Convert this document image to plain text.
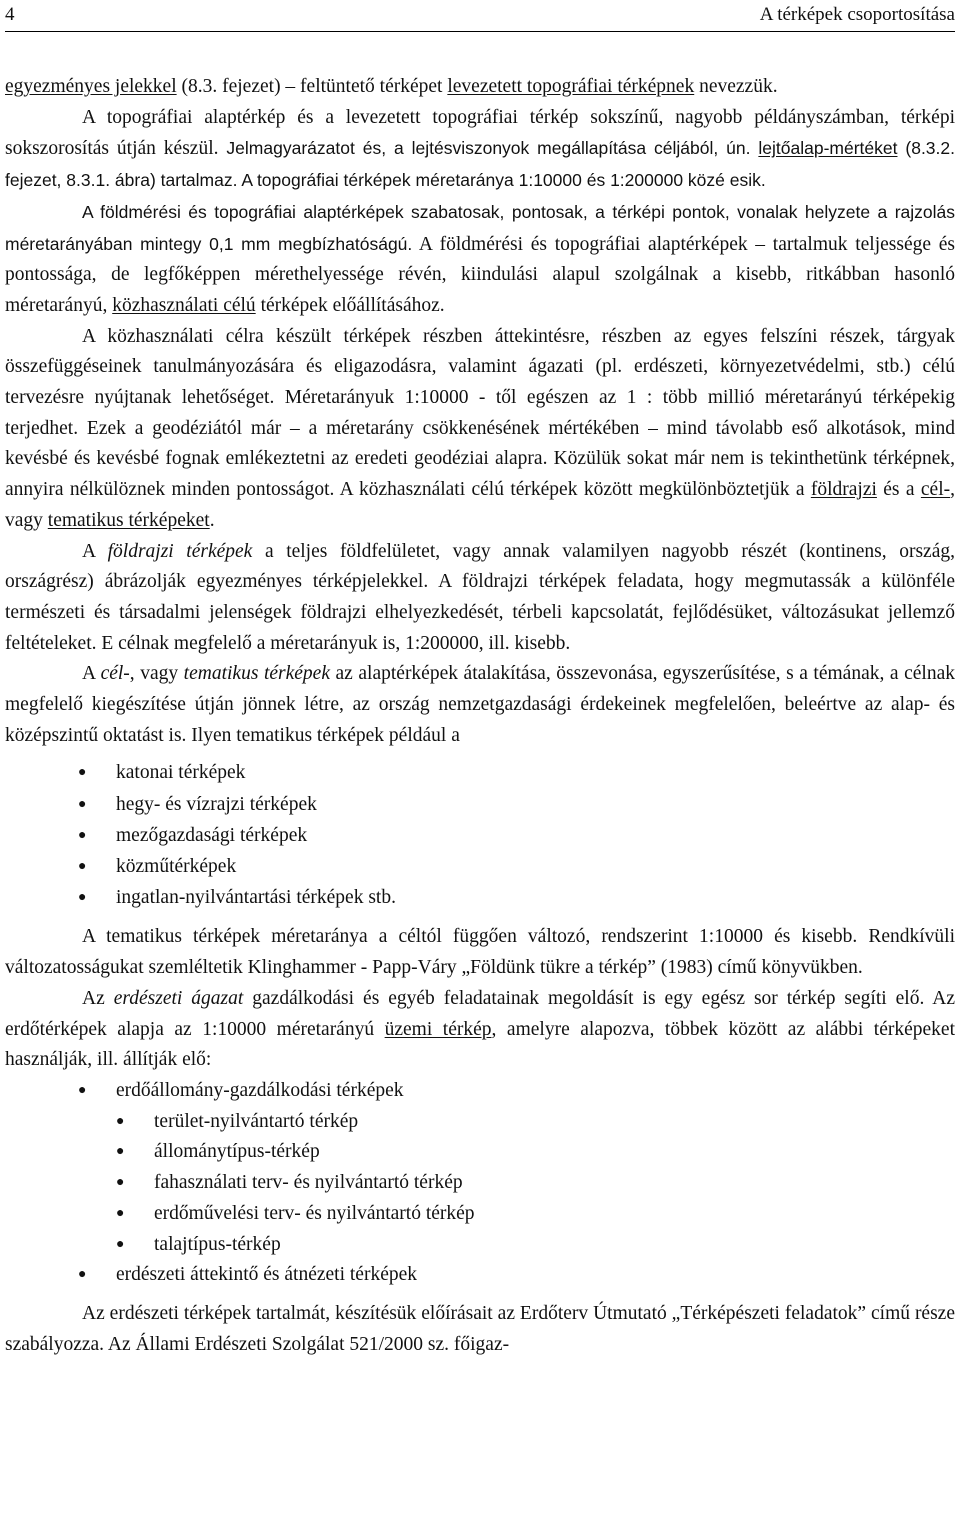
4	A térképek csoportosítása

egyezményes jelekkel (8.3. fejezet) – feltüntető térképet levezetett topográfiai térképnek nevezzük.

A topográfiai alaptérkép és a levezetett topográfiai térkép sokszínű, nagyobb példányszámban, térképi sokszorosítás útján készül. Jelmagyarázatot és, a lejtésviszonyok megállapítása céljából, ún. lejtőalap-mértéket (8.3.2. fejezet, 8.3.1. ábra) tartalmaz. A topográfiai térképek méretaránya 1:10000 és 1:200000 közé esik.

A földmérési és topográfiai alaptérképek szabatosak, pontosak, a térképi pontok, vonalak helyzete a rajzolás méretarányában mintegy 0,1 mm megbízhatóságú. A földmérési és topográfiai alaptérképek – tartalmuk teljessége és pontossága, de legfőképpen mérethelyessége révén, kiindulási alapul szolgálnak a kisebb, ritkábban hasonló méretarányú, közhasználati célú térképek előállításához.

A közhasználati célra készült térképek részben áttekintésre, részben az egyes felszíni részek, tárgyak összefüggéseinek tanulmányozására és eligazodásra, valamint ágazati (pl. erdészeti, környezetvédelmi, stb.) célú tervezésre nyújtanak lehetőséget. Méretarányuk 1:10000 - től egészen az 1 : több millió méretarányú térképekig terjedhet. Ezek a geodéziától már – a méretarány csökkenésének mértékében – mind távolabb eső alkotások, mind kevésbé és kevésbé fognak emlékeztetni az eredeti geodéziai alapra. Közülük sokat már nem is tekinthetünk térképnek, annyira nélkülöznek minden pontosságot. A közhasználati célú térképek között megkülönböztetjük a földrajzi és a cél-, vagy tematikus térképeket.

A földrajzi térképek a teljes földfelületet, vagy annak valamilyen nagyobb részét (kontinens, ország, országrész) ábrázolják egyezményes térképjelekkel. A földrajzi térképek feladata, hogy megmutassák a különféle természeti és társadalmi jelenségek földrajzi elhelyezkedését, térbeli kapcsolatát, fejlődésüket, változásukat jellemző feltételeket. E célnak megfelelő a méretarányuk is, 1:200000, ill. kisebb.

A cél-, vagy tematikus térképek az alaptérképek átalakítása, összevonása, egyszerűsítése, s a témának, a célnak megfelelő kiegészítése útján jönnek létre, az ország nemzetgazdasági érdekeinek megfelelően, beleértve az alap- és középszintű oktatást is. Ilyen tematikus térképek például a

● katonai térképek
● hegy- és vízrajzi térképek
● mezőgazdasági térképek
● közműtérképek
● ingatlan-nyilvántartási térképek stb.

A tematikus térképek méretaránya a céltól függően változó, rendszerint 1:10000 és kisebb. Rendkívüli változatosságukat szemléltetik Klinghammer - Papp-Váry „Földünk tükre a térkép” (1983) című könyvükben.

Az erdészeti ágazat gazdálkodási és egyéb feladatainak megoldásít is egy egész sor térkép segíti elő. Az erdőtérképek alapja az 1:10000 méretarányú üzemi térkép, amelyre alapozva, többek között az alábbi térképeket használják, ill. állítják elő:

● erdőállomány-gazdálkodási térképek
● terület-nyilvántartó térkép
● állománytípus-térkép
● fahasználati terv- és nyilvántartó térkép
● erdőművelési terv- és nyilvántartó térkép
● talajtípus-térkép
● erdészeti áttekintő és átnézeti térképek

Az erdészeti térképek tartalmát, készítésük előírásait az Erdőterv Útmutató „Térképészeti feladatok” című része szabályozza. Az Állami Erdészeti Szolgálat 521/2000 sz. főigaz-
